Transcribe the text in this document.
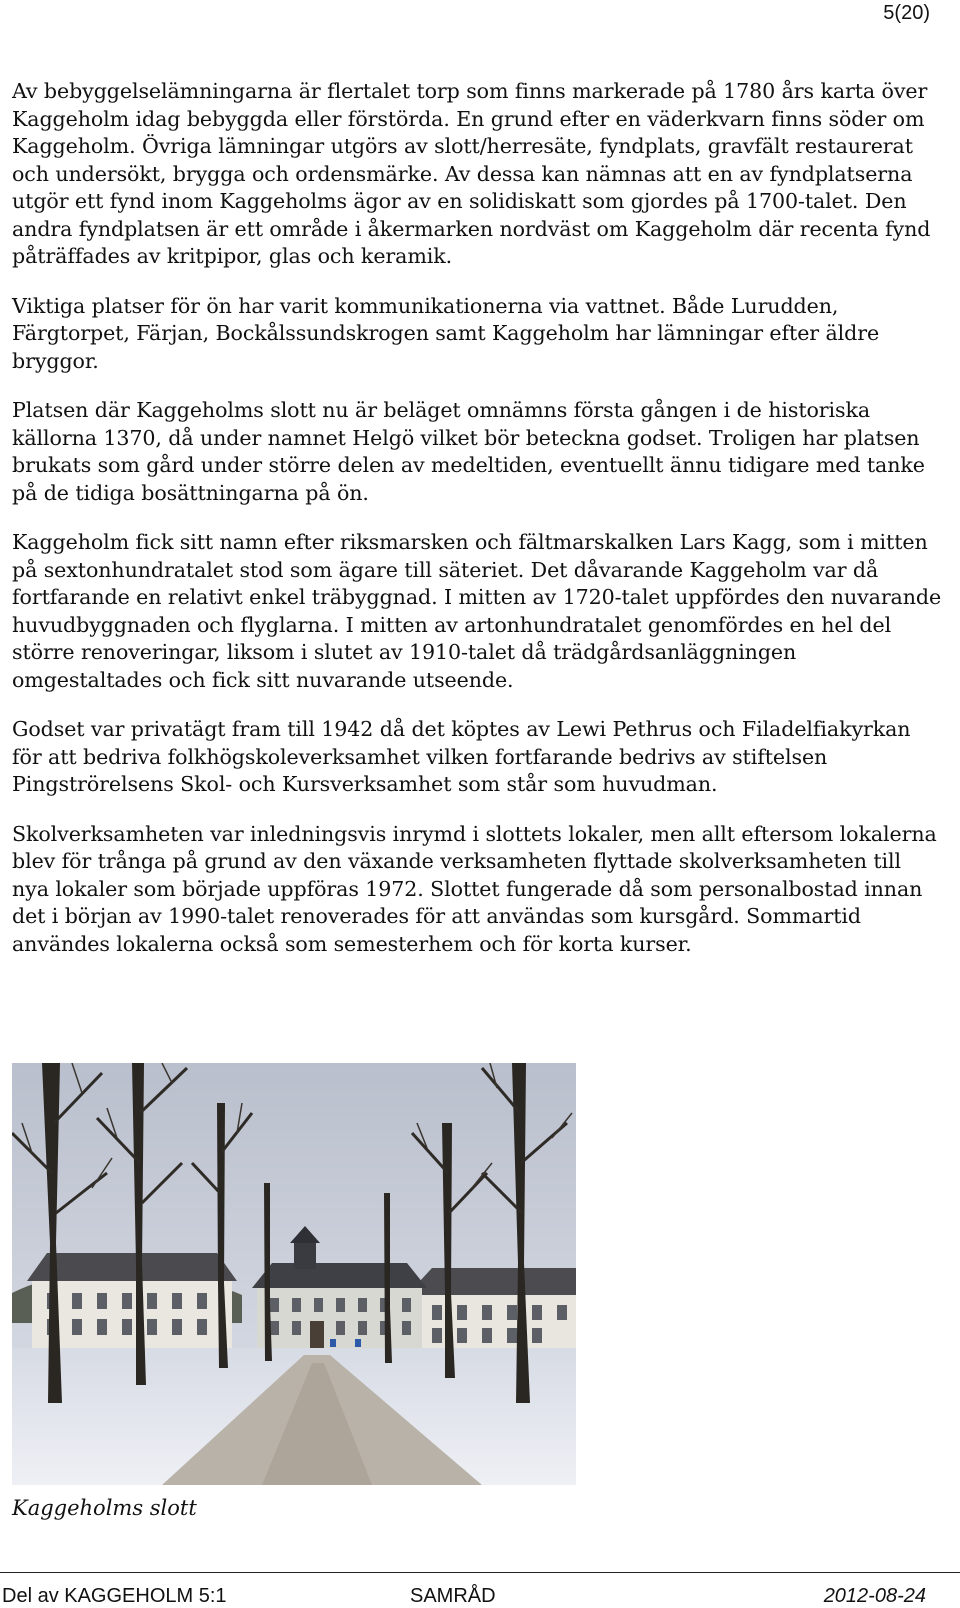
5(20)

Av bebyggelselämningarna är flertalet torp som finns markerade på 1780 års karta över Kaggeholm idag bebyggda eller förstörda. En grund efter en väderkvarn finns söder om Kaggeholm. Övriga lämningar utgörs av slott/herresäte, fyndplats, gravfält restaurerat och undersökt, brygga och ordensmärke. Av dessa kan nämnas att en av fyndplatserna utgör ett fynd inom Kaggeholms ägor av en solidiskatt som gjordes på 1700-talet. Den andra fyndplatsen är ett område i åkermarken nordväst om Kaggeholm där recenta fynd påträffades av kritpipor, glas och keramik.

Viktiga platser för ön har varit kommunikationerna via vattnet. Både Lurudden, Färgtorpet, Färjan, Bockålssundskrogen samt Kaggeholm har lämningar efter äldre bryggor.

Platsen där Kaggeholms slott nu är beläget omnämns första gången i de historiska källorna 1370, då under namnet Helgö vilket bör beteckna godset. Troligen har platsen brukats som gård under större delen av medeltiden, eventuellt ännu tidigare med tanke på de tidiga bosättningarna på ön.

Kaggeholm fick sitt namn efter riksmarsken och fältmarskalken Lars Kagg, som i mitten på sextonhundratalet stod som ägare till säteriet. Det dåvarande Kaggeholm var då fortfarande en relativt enkel träbyggnad. I mitten av 1720-talet uppfördes den nuvarande huvudbyggnaden och flyglarna. I mitten av artonhundratalet genomfördes en hel del större renoveringar, liksom i slutet av 1910-talet då trädgårdsanläggningen omgestaltades och fick sitt nuvarande utseende.

Godset var privatägt fram till 1942 då det köptes av Lewi Pethrus och Filadelfiakyrkan för att bedriva folkhögskoleverksamhet vilken fortfarande bedrivs av stiftelsen Pingströrelsens Skol- och Kursverksamhet som står som huvudman.

Skolverksamheten var inledningsvis inrymd i slottets lokaler, men allt eftersom lokalerna blev för trånga på grund av den växande verksamheten flyttade skolverksamheten till nya lokaler som började uppföras 1972. Slottet fungerade då som personalbostad innan det i början av 1990-talet renoverades för att användas som kursgård. Sommartid användes lokalerna också som semesterhem och för korta kurser.

Kaggeholms slott
Del av KAGGEHOLM 5:1	SAMRÅD	2012-08-24
